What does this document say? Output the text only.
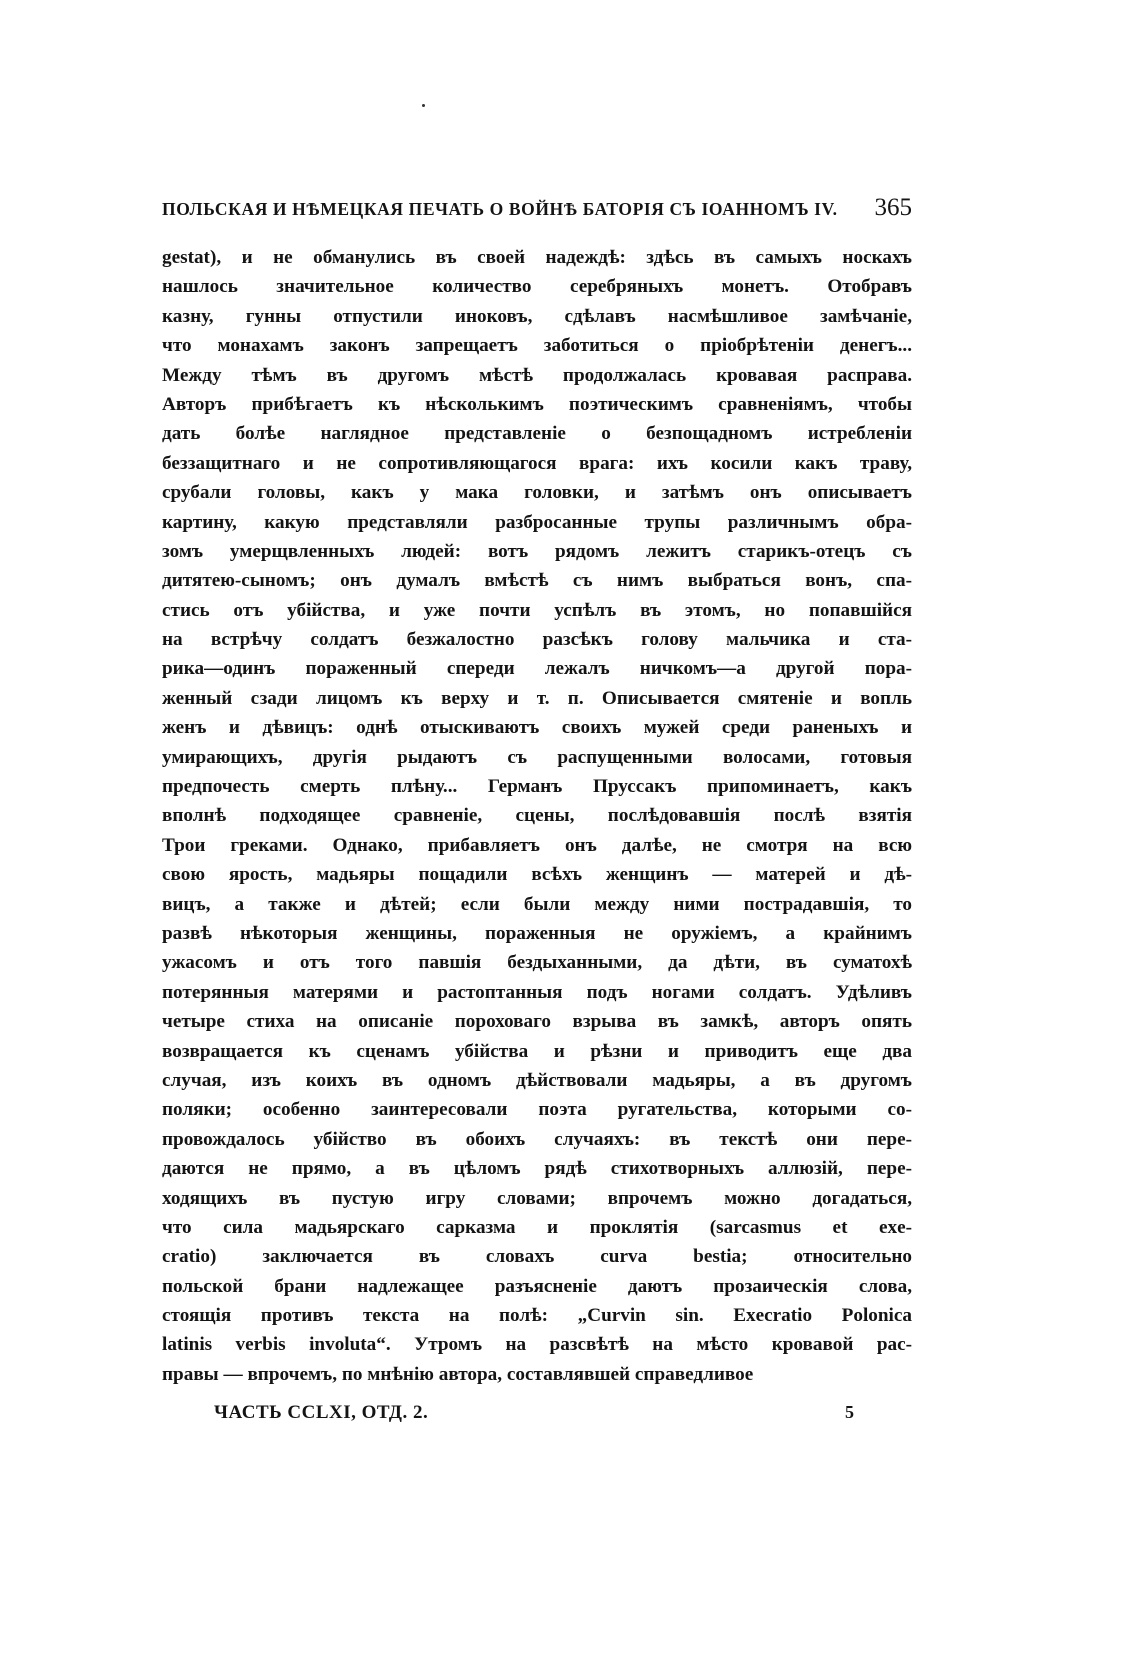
ПОЛЬСКАЯ И НѢМЕЦКАЯ ПЕЧАТЬ О ВОЙНѢ БАТОРІЯ СЪ ІОАННОМЪ IV. 365
gestat), и не обманулись въ своей надеждѣ: здѣсь въ самыхъ носкахъ
нашлось значительное количество серебряныхъ монетъ. Отобравъ
казну, гунны отпустили иноковъ, сдѣлавъ насмѣшливое замѣчаніе,
что монахамъ законъ запрещаетъ заботиться о пріобрѣтеніи денегъ...
Между тѣмъ въ другомъ мѣстѣ продолжалась кровавая расправа.
Авторъ прибѣгаетъ къ нѣсколькимъ поэтическимъ сравненіямъ, чтобы
дать болѣе наглядное представленіе о безпощадномъ истребленіи
беззащитнаго и не сопротивляющагося врага: ихъ косили какъ траву,
срубали головы, какъ у мака головки, и затѣмъ онъ описываетъ
картину, какую представляли разбросанные трупы различнымъ обра-
зомъ умерщвленныхъ людей: вотъ рядомъ лежитъ старикъ-отецъ съ
дитятею-сыномъ; онъ думалъ вмѣстѣ съ нимъ выбраться вонъ, спа-
стись отъ убійства, и уже почти успѣлъ въ этомъ, но попавшійся
на встрѣчу солдатъ безжалостно разсѣкъ голову мальчика и ста-
рика—одинъ пораженный спереди лежалъ ничкомъ—а другой пора-
женный сзади лицомъ къ верху и т. п. Описывается смятеніе и вопль
женъ и дѣвицъ: однѣ отыскиваютъ своихъ мужей среди раненыхъ и
умирающихъ, другія рыдаютъ съ распущенными волосами, готовыя
предпочесть смерть плѣну... Германъ Пруссакъ припоминаетъ, какъ
вполнѣ подходящее сравненіе, сцены, послѣдовавшія послѣ взятія
Трои греками. Однако, прибавляетъ онъ далѣе, не смотря на всю
свою ярость, мадьяры пощадили всѣхъ женщинъ — матерей и дѣ-
вицъ, а также и дѣтей; если были между ними пострадавшія, то
развѣ нѣкоторыя женщины, пораженныя не оружіемъ, а крайнимъ
ужасомъ и отъ того павшія бездыханными, да дѣти, въ суматохѣ
потерянныя матерями и растоптанныя подъ ногами солдатъ. Удѣливъ
четыре стиха на описаніе пороховаго взрыва въ замкѣ, авторъ опять
возвращается къ сценамъ убійства и рѣзни и приводитъ еще два
случая, изъ коихъ въ одномъ дѣйствовали мадьяры, а въ другомъ
поляки; особенно заинтересовали поэта ругательства, которыми со-
провождалось убійство въ обоихъ случаяхъ: въ текстѣ они пере-
даются не прямо, а въ цѣломъ рядѣ стихотворныхъ аллюзій, пере-
ходящихъ въ пустую игру словами; впрочемъ можно догадаться,
что сила мадьярскаго сарказма и проклятія (sarcasmus et exe-
cratio) заключается въ словахъ curva bestia; относительно
польской брани надлежащее разъясненіе даютъ прозаическія слова,
стоящія противъ текста на полѣ: „Curvin sin. Execratio Polonica
latinis verbis involuta“. Утромъ на разсвѣтѣ на мѣсто кровавой рас-
правы — впрочемъ, по мнѣнію автора, составлявшей справедливое
ЧАСТЬ CCLXI, ОТД. 2.	5
